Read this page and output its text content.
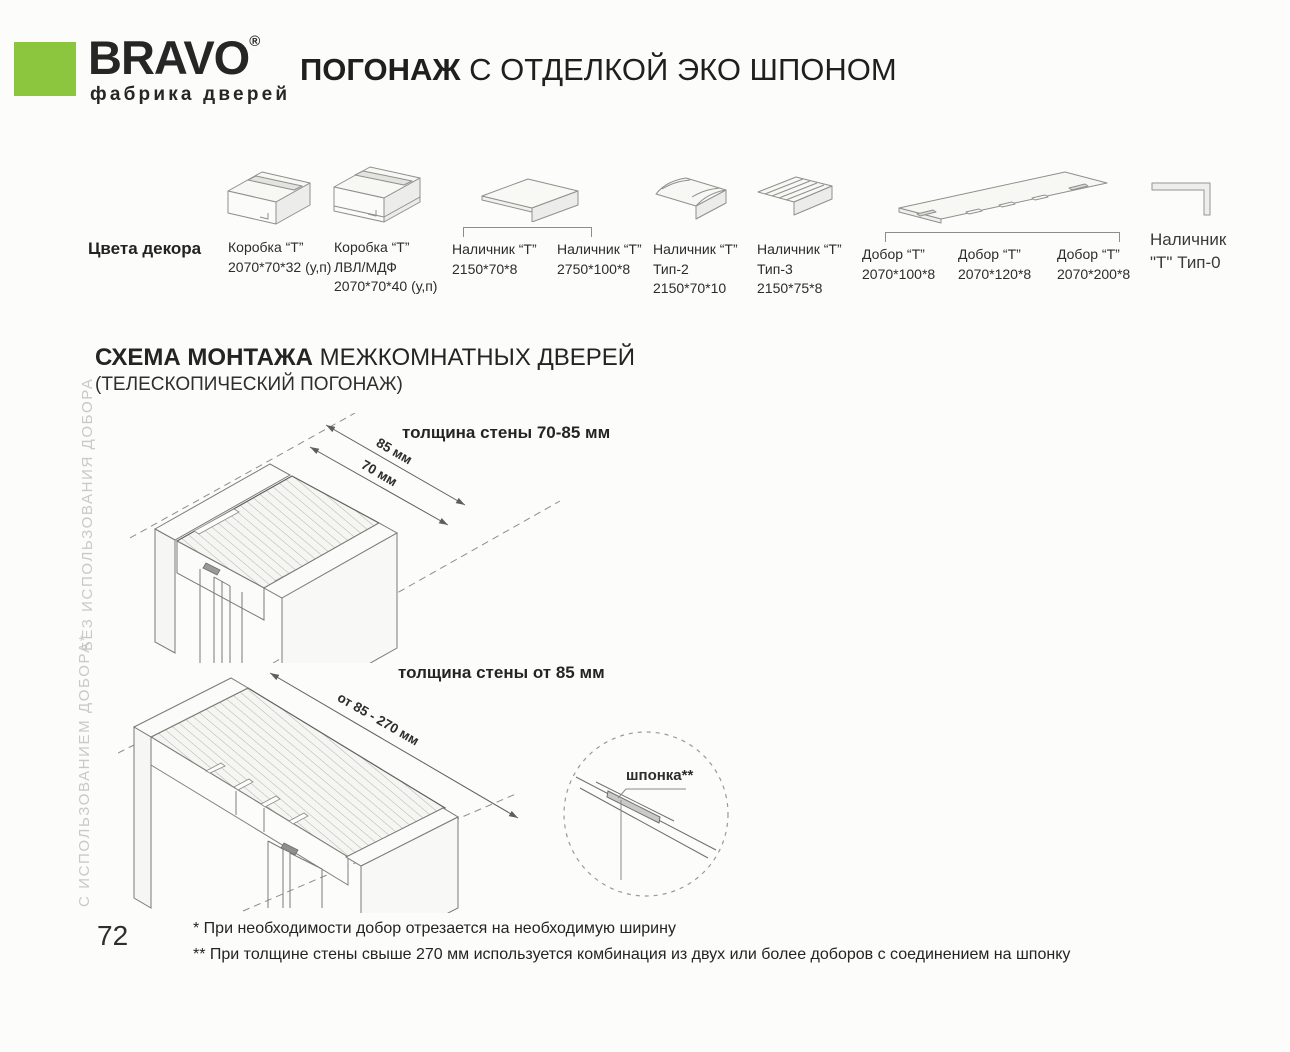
BRAVO®
фабрика дверей
ПОГОНАЖ С ОТДЕЛКОЙ ЭКО ШПОНОМ
Цвета декора Коробка “Т”
2070*70*32 (у,п)
Коробка “Т”
ЛВЛ/МДФ
2070*70*40 (у,п)
Наличник “Т”
2150*70*8
Наличник “Т”
2750*100*8
Наличник “Т”
Тип-2
2150*70*10
Наличник “Т”
Тип-3
2150*75*8
Добор “Т”
2070*100*8
Добор “Т”
2070*120*8
Добор “Т”
2070*200*8
Наличник
"Т" Тип-0
СХЕМА МОНТАЖА МЕЖКОМНАТНЫХ ДВЕРЕЙ
(ТЕЛЕСКОПИЧЕСКИЙ ПОГОНАЖ)
БЕЗ ИСПОЛЬЗОВАНИЯ ДОБОРА	толщина стены 70-85 мм
85 мм
70 мм
С ИСПОЛЬЗОВАНИЕМ ДОБОРА*	толщина стены от 85 мм
от 85 - 270 мм
шпонка**
72	* При необходимости добор отрезается на необходимую ширину
** При толщине стены свыше 270 мм используется комбинация из двух или более доборов с соединением на шпонку
